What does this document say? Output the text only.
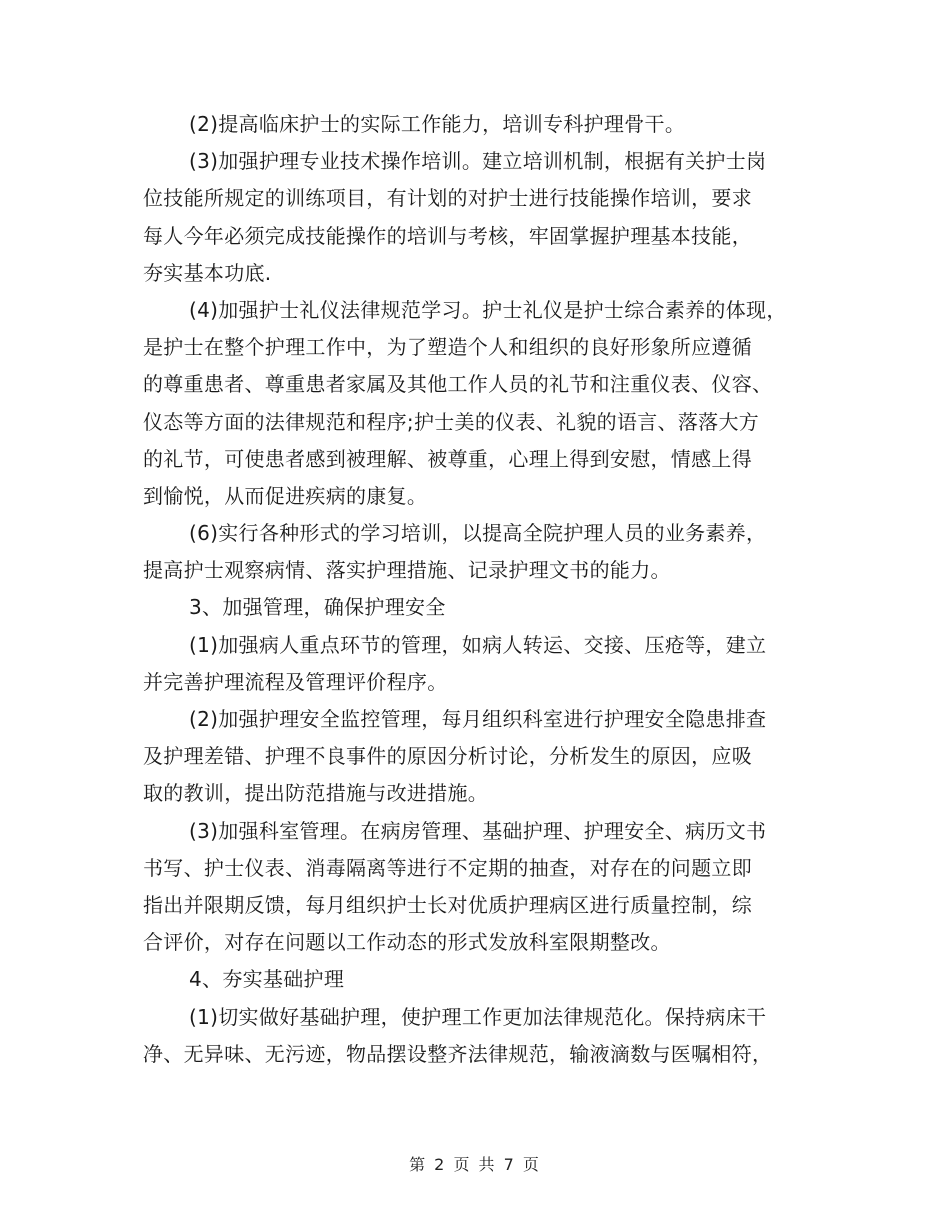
(2)提高临床护士的实际工作能力，培训专科护理骨干。
(3)加强护理专业技术操作培训。建立培训机制，根据有关护士岗
位技能所规定的训练项目，有计划的对护士进行技能操作培训，要求
每人今年必须完成技能操作的培训与考核，牢固掌握护理基本技能，
夯实基本功底.
(4)加强护士礼仪法律规范学习。护士礼仪是护士综合素养的体现，
是护士在整个护理工作中，为了塑造个人和组织的良好形象所应遵循
的尊重患者、尊重患者家属及其他工作人员的礼节和注重仪表、仪容、
仪态等方面的法律规范和程序;护士美的仪表、礼貌的语言、落落大方
的礼节，可使患者感到被理解、被尊重，心理上得到安慰，情感上得
到愉悦，从而促进疾病的康复。
(6)实行各种形式的学习培训，以提高全院护理人员的业务素养，
提高护士观察病情、落实护理措施、记录护理文书的能力。
3、加强管理，确保护理安全
(1)加强病人重点环节的管理，如病人转运、交接、压疮等，建立
并完善护理流程及管理评价程序。
(2)加强护理安全监控管理，每月组织科室进行护理安全隐患排查
及护理差错、护理不良事件的原因分析讨论，分析发生的原因，应吸
取的教训，提出防范措施与改进措施。
(3)加强科室管理。在病房管理、基础护理、护理安全、病历文书
书写、护士仪表、消毒隔离等进行不定期的抽查，对存在的问题立即
指出并限期反馈，每月组织护士长对优质护理病区进行质量控制，综
合评价，对存在问题以工作动态的形式发放科室限期整改。
4、夯实基础护理
(1)切实做好基础护理，使护理工作更加法律规范化。保持病床干
净、无异味、无污迹，物品摆设整齐法律规范，输液滴数与医嘱相符，
第 2 页 共 7 页
